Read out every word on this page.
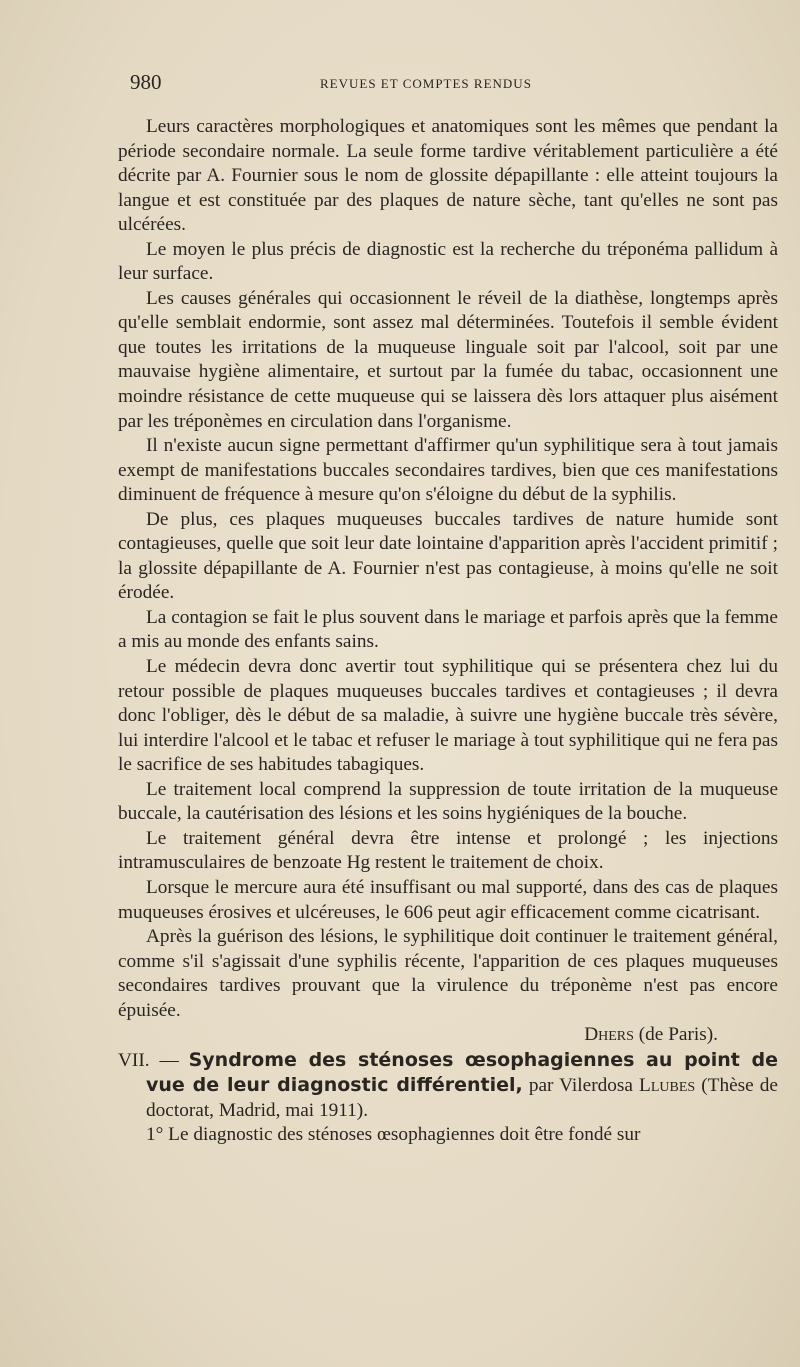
980	REVUES ET COMPTES RENDUS

Leurs caractères morphologiques et anatomiques sont les mêmes que pendant la période secondaire normale. La seule forme tardive véritablement particulière a été décrite par A. Fournier sous le nom de glossite dépapillante : elle atteint toujours la langue et est constituée par des plaques de nature sèche, tant qu'elles ne sont pas ulcérées.

Le moyen le plus précis de diagnostic est la recherche du tréponéma pallidum à leur surface.

Les causes générales qui occasionnent le réveil de la diathèse, longtemps après qu'elle semblait endormie, sont assez mal déterminées. Toutefois il semble évident que toutes les irritations de la muqueuse linguale soit par l'alcool, soit par une mauvaise hygiène alimentaire, et surtout par la fumée du tabac, occasionnent une moindre résistance de cette muqueuse qui se laissera dès lors attaquer plus aisément par les tréponèmes en circulation dans l'organisme.

Il n'existe aucun signe permettant d'affirmer qu'un syphilitique sera à tout jamais exempt de manifestations buccales secondaires tardives, bien que ces manifestations diminuent de fréquence à mesure qu'on s'éloigne du début de la syphilis.

De plus, ces plaques muqueuses buccales tardives de nature humide sont contagieuses, quelle que soit leur date lointaine d'apparition après l'accident primitif ; la glossite dépapillante de A. Fournier n'est pas contagieuse, à moins qu'elle ne soit érodée.

La contagion se fait le plus souvent dans le mariage et parfois après que la femme a mis au monde des enfants sains.

Le médecin devra donc avertir tout syphilitique qui se présentera chez lui du retour possible de plaques muqueuses buccales tardives et contagieuses ; il devra donc l'obliger, dès le début de sa maladie, à suivre une hygiène buccale très sévère, lui interdire l'alcool et le tabac et refuser le mariage à tout syphilitique qui ne fera pas le sacrifice de ses habitudes tabagiques.

Le traitement local comprend la suppression de toute irritation de la muqueuse buccale, la cautérisation des lésions et les soins hygiéniques de la bouche.

Le traitement général devra être intense et prolongé ; les injections intramusculaires de benzoate Hg restent le traitement de choix.

Lorsque le mercure aura été insuffisant ou mal supporté, dans des cas de plaques muqueuses érosives et ulcéreuses, le 606 peut agir efficacement comme cicatrisant.

Après la guérison des lésions, le syphilitique doit continuer le traitement général, comme s'il s'agissait d'une syphilis récente, l'apparition de ces plaques muqueuses secondaires tardives prouvant que la virulence du tréponème n'est pas encore épuisée.

Dhers (de Paris).

VII. — Syndrome des sténoses œsophagiennes au point de vue de leur diagnostic différentiel, par Vilerdosa Llubes (Thèse de doctorat, Madrid, mai 1911).

1° Le diagnostic des sténoses œsophagiennes doit être fondé sur
